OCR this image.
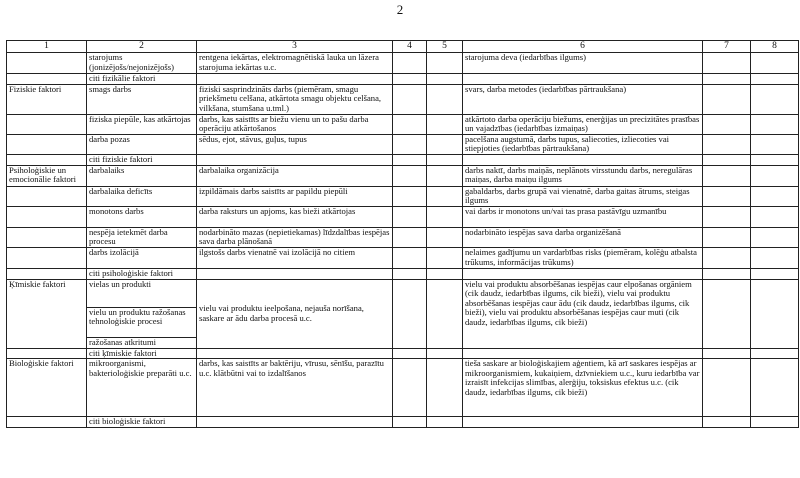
2
1	2	3	4	5	6	7	8
	starojums (jonizējošs/nejonizējošs)	rentgena iekārtas, elektromagnētiskā lauka un lāzera starojuma iekārtas u.c.			starojuma deva (iedarbības ilgums)		
	citi fizikālie faktori						
Fiziskie faktori	smags darbs	fiziski sasprindzināts darbs (piemēram, smagu priekšmetu celšana, atkārtota smagu objektu celšana, vilkšana, stumšana u.tml.)			svars, darba metodes (iedarbības pārtraukšana)		
	fiziska piepūle, kas atkārtojas	darbs, kas saistīts ar biežu vienu un to pašu darba operāciju atkārtošanos			atkārtoto darba operāciju biežums, enerģijas un precizitātes prasības un vajadzības (iedarbības izmaiņas)		
	darba pozas	sēdus, ejot, stāvus, guļus, tupus			pacelšana augstumā, darbs tupus, saliecoties, izliecoties vai stiepjoties (iedarbības pārtraukšana)		
	citi fiziskie faktori						
Psiholoģiskie un emocionālie faktori	darbalaiks	darbalaika organizācija			darbs naktī, darbs maiņās, neplānots virsstundu darbs, neregulāras maiņas, darba maiņu ilgums		
	darbalaika deficīts	izpildāmais darbs saistīts ar papildu piepūli			gabaldarbs, darbs grupā vai vienatnē, darba gaitas ātrums, steigas ilgums		
	monotons darbs	darba raksturs un apjoms, kas bieži atkārtojas			vai darbs ir monotons un/vai tas prasa pastāvīgu uzmanību		
	nespēja ietekmēt darba procesu	nodarbināto mazas (nepietiekamas) līdzdalības iespējas sava darba plānošanā			nodarbināto iespējas sava darba organizēšanā		
	darbs izolācijā	ilgstošs darbs vienatnē vai izolācijā no citiem			nelaimes gadījumu un vardarbības risks (piemēram, kolēģu atbalsta trūkums, informācijas trūkums)		
	citi psiholoģiskie faktori						
Ķīmiskie faktori	vielas un produkti	vielu vai produktu ieelpošana, nejauša norīšana, saskare ar ādu darba procesā u.c.			vielu vai produktu absorbēšanas iespējas caur elpošanas orgāniem (cik daudz, iedarbības ilgums, cik bieži), vielu vai produktu absorbēšanas iespējas caur ādu (cik daudz, iedarbības ilgums, cik bieži), vielu vai produktu absorbēšanas iespējas caur muti (cik daudz, iedarbības ilgums, cik bieži)		
	vielu un produktu ražošanas tehnoloģiskie procesi						
	ražošanas atkritumi						
	citi ķīmiskie faktori						
Bioloģiskie faktori	mikroorganismi, bakterioloģiskie preparāti u.c.	darbs, kas saistīts ar baktēriju, vīrusu, sēnīšu, parazītu u.c. klātbūtni vai to izdalīšanos			tieša saskare ar bioloģiskajiem aģentiem, kā arī saskares iespējas ar mikroorganismiem, kukaiņiem, dzīvniekiem u.c., kuru iedarbība var izraisīt infekcijas slimības, alerģiju, toksiskus efektus u.c. (cik daudz, iedarbības ilgums, cik bieži)		
	citi bioloģiskie faktori						
